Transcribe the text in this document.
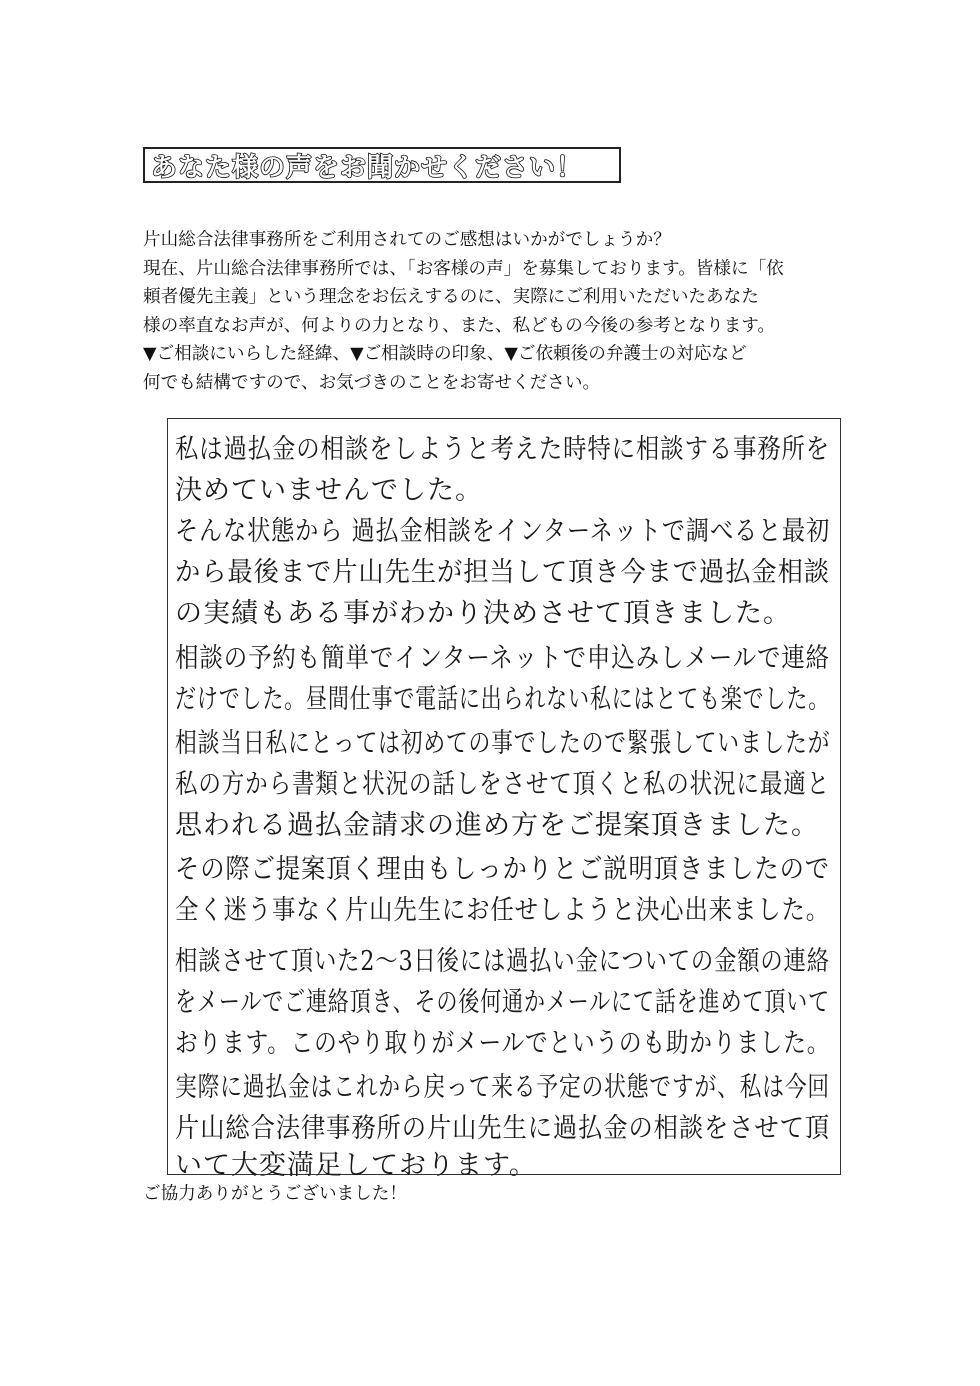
あなた様の声をお聞かせください！
片山総合法律事務所をご利用されてのご感想はいかがでしょうか？
現在、片山総合法律事務所では、「お客様の声」を募集しております。皆様に「依
頼者優先主義」という理念をお伝えするのに、実際にご利用いただいたあなた
様の率直なお声が、何よりの力となり、また、私どもの今後の参考となります。
▼ご相談にいらした経緯、▼ご相談時の印象、▼ご依頼後の弁護士の対応など
何でも結構ですので、お気づきのことをお寄せください。
私は過払金の相談をしようと考えた時特に相談する事務所を
決めていませんでした。
そんな状態から 過払金相談をインターネットで調べると最初
から最後まで片山先生が担当して頂き今まで過払金相談
の実績もある事がわかり決めさせて頂きました。
相談の予約も簡単でインターネットで申込みしメールで連絡
だけでした。昼間仕事で電話に出られない私にはとても楽でした。
相談当日私にとっては初めての事でしたので緊張していましたが
私の方から書類と状況の話しをさせて頂くと私の状況に最適と
思われる過払金請求の進め方をご提案頂きました。
その際ご提案頂く理由もしっかりとご説明頂きましたので
全く迷う事なく片山先生にお任せしようと決心出来ました。
相談させて頂いた2〜3日後には過払い金についての金額の連絡
をメールでご連絡頂き、その後何通かメールにて話を進めて頂いて
おります。このやり取りがメールでというのも助かりました。
実際に過払金はこれから戻って来る予定の状態ですが、私は今回
片山総合法律事務所の片山先生に過払金の相談をさせて頂
いて大変満足しております。
ご協力ありがとうございました！
